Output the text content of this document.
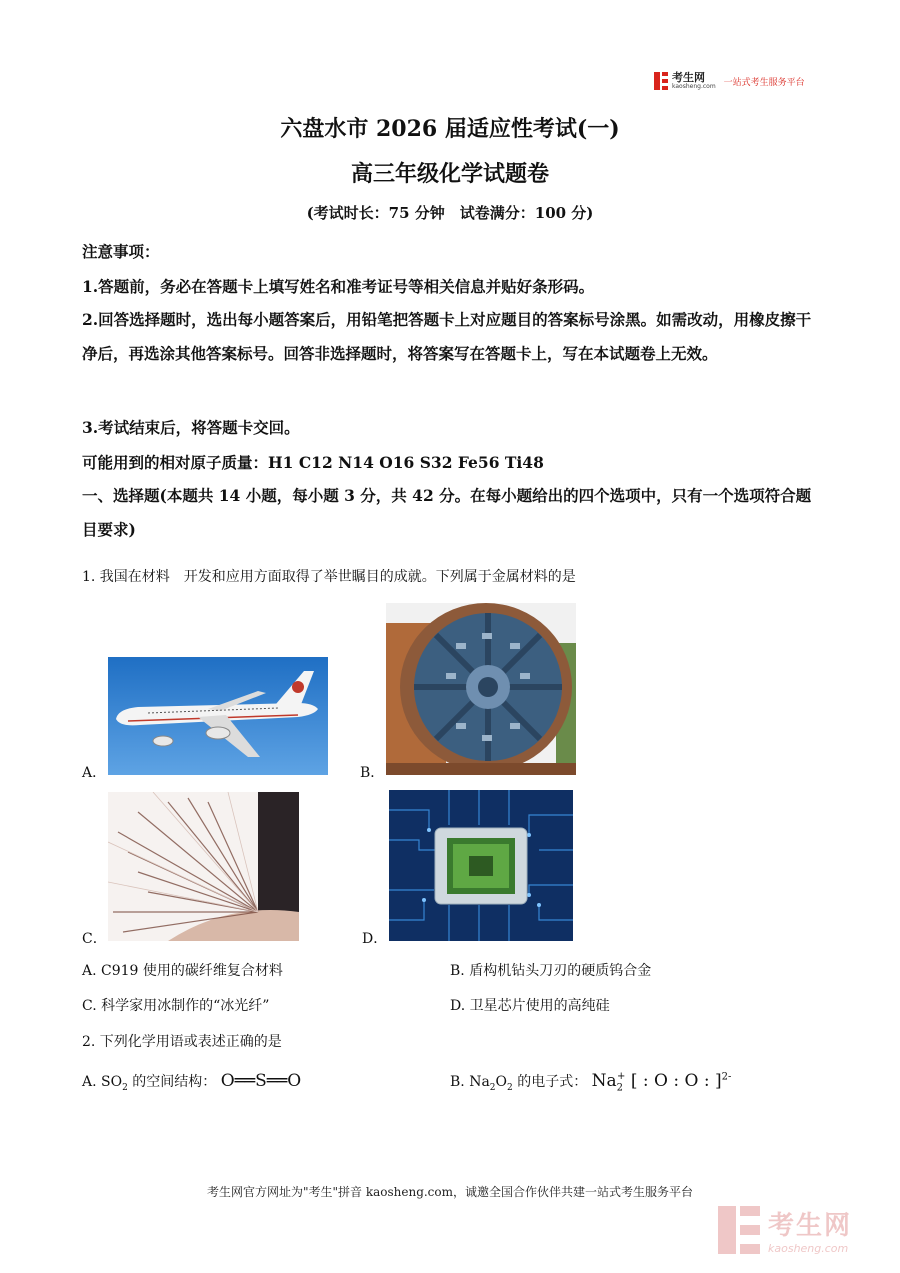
考生网
kaosheng.com 一站式考生服务平台
六盘水市 2026 届适应性考试(一)
高三年级化学试题卷
(考试时长：75 分钟　试卷满分：100 分)
注意事项：
1.答题前，务必在答题卡上填写姓名和准考证号等相关信息并贴好条形码。
2.回答选择题时，选出每小题答案后，用铅笔把答题卡上对应题目的答案标号涂黑。如需改动，用橡皮擦干净后，再选涂其他答案标号。回答非选择题时，将答案写在答题卡上，写在本试题卷上无效。
3.考试结束后，将答题卡交回。
可能用到的相对原子质量：H1 C12 N14 O16 S32 Fe56 Ti48
一、选择题(本题共 14 小题，每小题 3 分，共 42 分。在每小题给出的四个选项中，只有一个选项符合题目要求)
1. 我国在材料　开发和应用方面取得了举世瞩目的成就。下列属于金属材料的是
A．	B．
C．	D．
A. C919 使用的碳纤维复合材料	B. 盾构机钻头刀刃的硬质钨合金
C. 科学家用冰制作的“冰光纤”	D. 卫星芯片使用的高纯硅
2. 下列化学用语或表述正确的是
A. $SO_2$ 的空间结构： O══S══O	B. $Na_2O_2$ 的电子式： $Na_2^+$ [ : O : O : ]$^{2-}$
考生网官方网址为"考生"拼音 kaosheng.com，诚邀全国合作伙伴共建一站式考生服务平台
考生网
kaosheng.com
